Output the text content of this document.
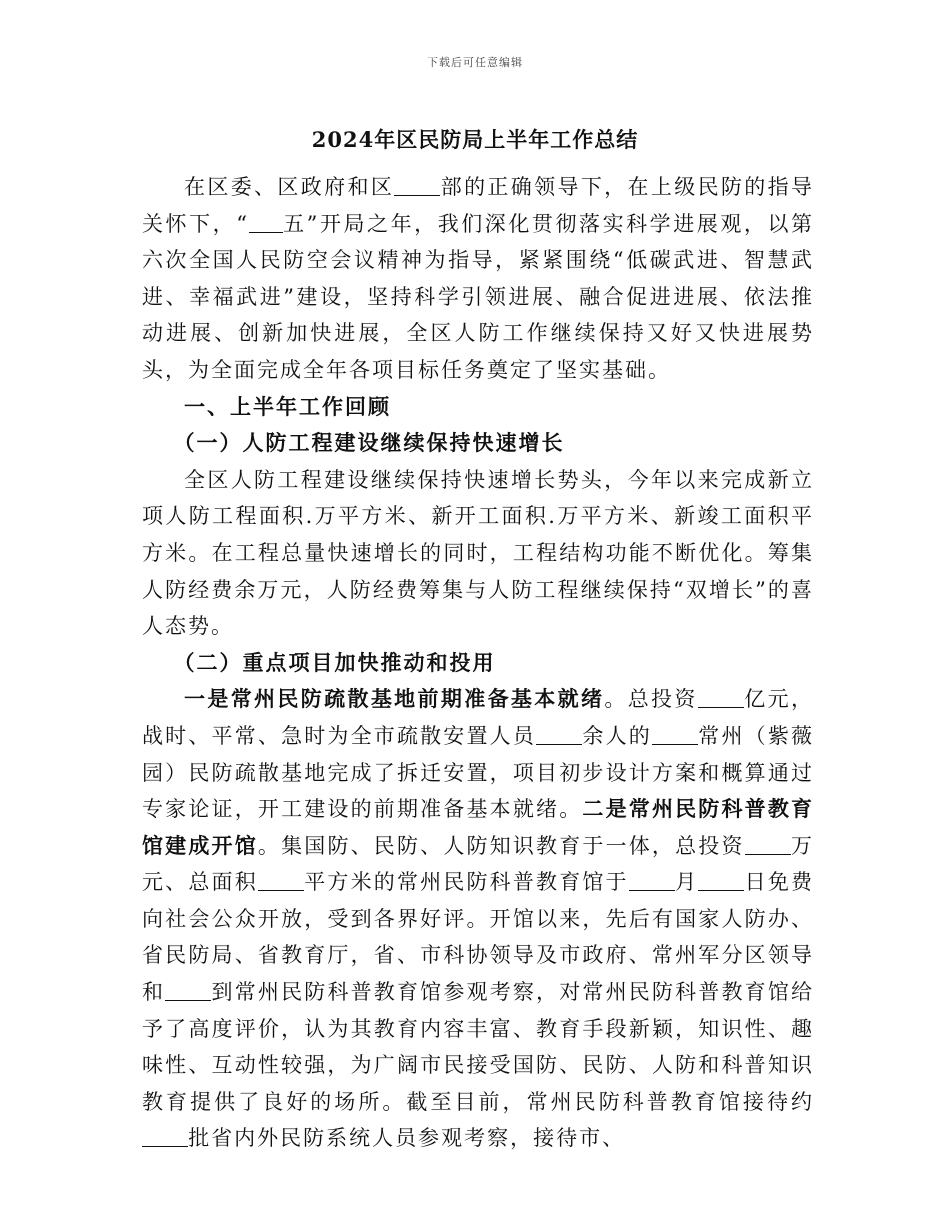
下载后可任意编辑
2024年区民防局上半年工作总结

在区委、区政府和区 部的正确领导下，在上级民防的指导关怀下，“ 五”开局之年，我们深化贯彻落实科学进展观，以第六次全国人民防空会议精神为指导，紧紧围绕“低碳武进、智慧武进、幸福武进”建设，坚持科学引领进展、融合促进进展、依法推动进展、创新加快进展，全区人防工作继续保持又好又快进展势头，为全面完成全年各项目标任务奠定了坚实基础。

一、上半年工作回顾

（一）人防工程建设继续保持快速增长

全区人防工程建设继续保持快速增长势头，今年以来完成新立项人防工程面积.万平方米、新开工面积.万平方米、新竣工面积平方米。在工程总量快速增长的同时，工程结构功能不断优化。筹集人防经费余万元，人防经费筹集与人防工程继续保持“双增长”的喜人态势。

（二）重点项目加快推动和投用

一是常州民防疏散基地前期准备基本就绪。总投资 亿元，战时、平常、急时为全市疏散安置人员 余人的 常州（紫薇园）民防疏散基地完成了拆迁安置，项目初步设计方案和概算通过专家论证，开工建设的前期准备基本就绪。二是常州民防科普教育馆建成开馆。集国防、民防、人防知识教育于一体，总投资 万元、总面积 平方米的常州民防科普教育馆于 月 日免费向社会公众开放，受到各界好评。开馆以来，先后有国家人防办、省民防局、省教育厅，省、市科协领导及市政府、常州军分区领导和 到常州民防科普教育馆参观考察，对常州民防科普教育馆给予了高度评价，认为其教育内容丰富、教育手段新颖，知识性、趣味性、互动性较强，为广阔市民接受国防、民防、人防和科普知识教育提供了良好的场所。截至目前，常州民防科普教育馆接待约批省内外民防系统人员参观考察，接待市、
